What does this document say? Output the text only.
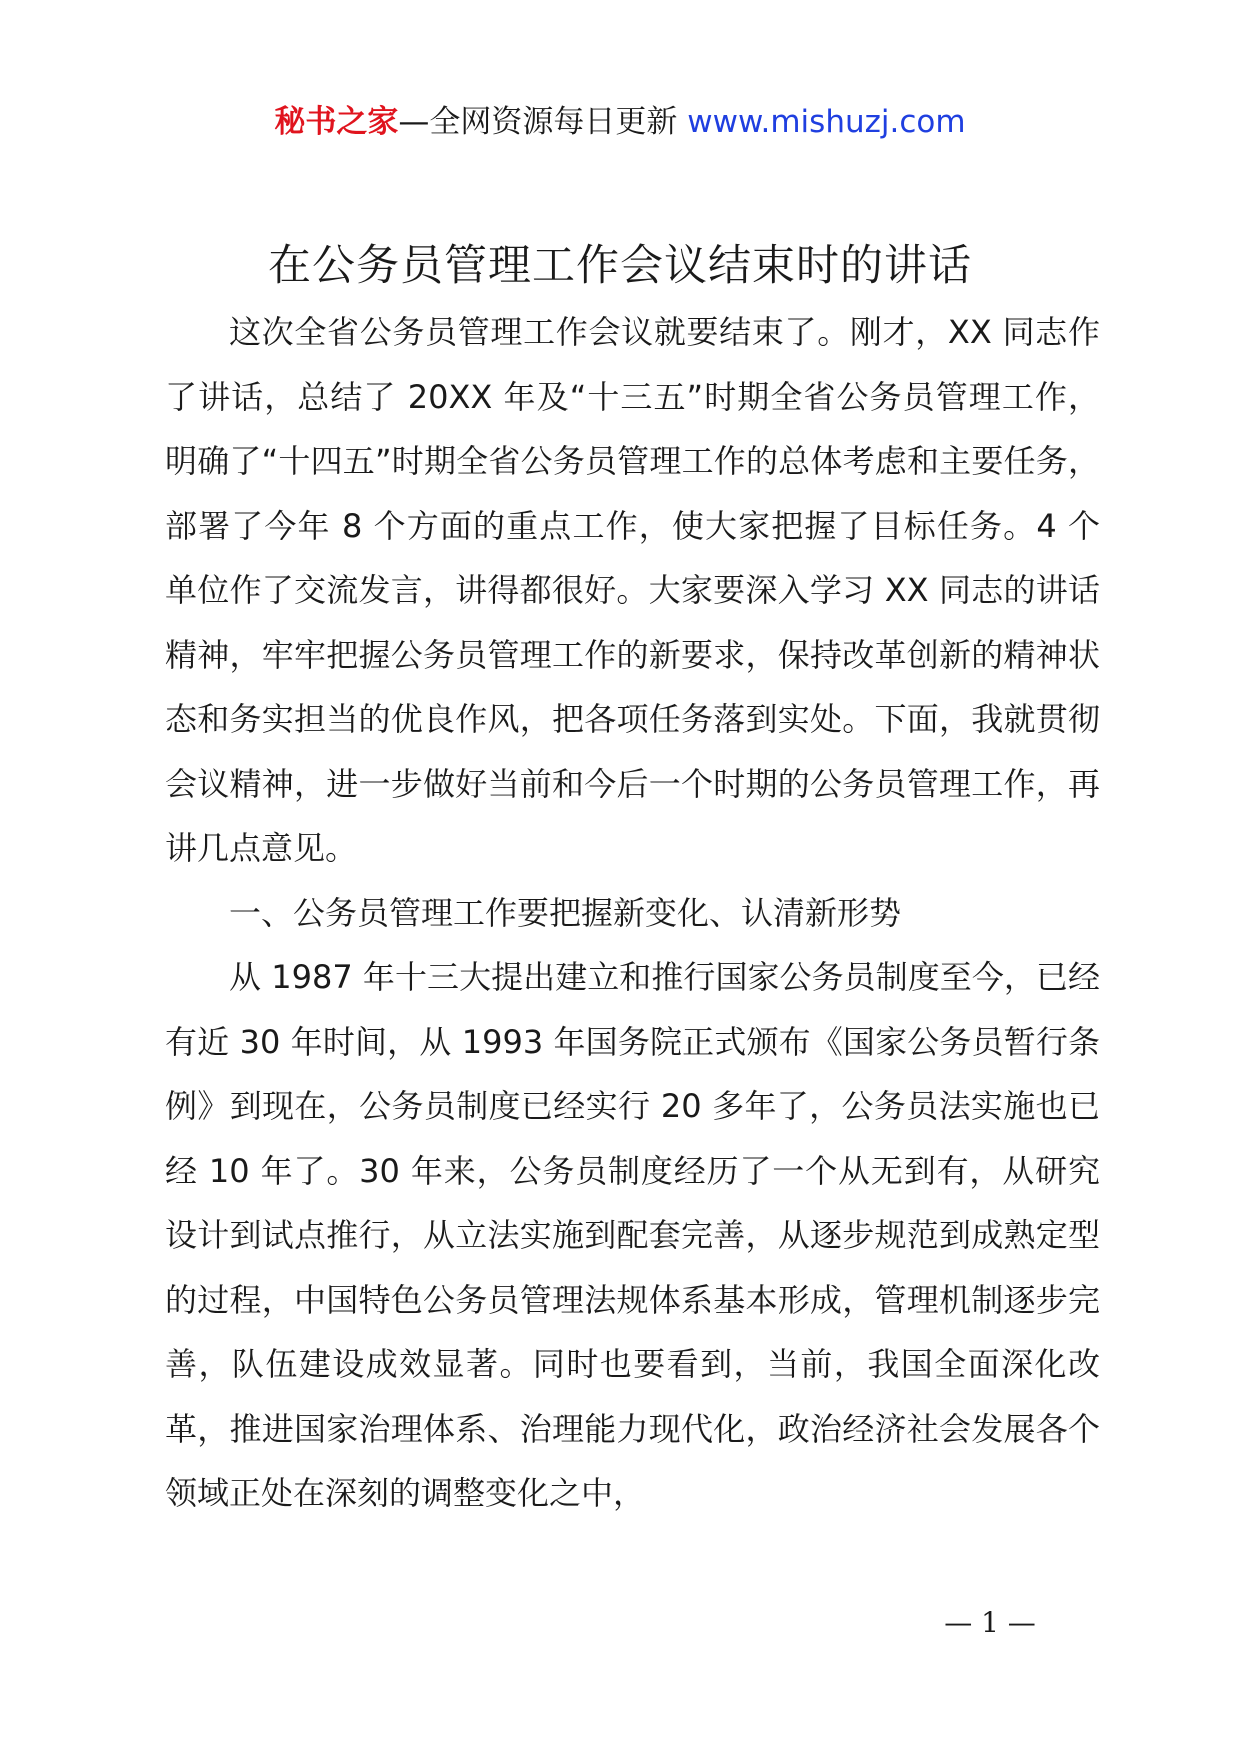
秘书之家—全网资源每日更新 www.mishuzj.com
在公务员管理工作会议结束时的讲话

这次全省公务员管理工作会议就要结束了。刚才，XX 同志作了讲话，总结了 20XX 年及“十三五”时期全省公务员管理工作，明确了“十四五”时期全省公务员管理工作的总体考虑和主要任务，部署了今年 8 个方面的重点工作，使大家把握了目标任务。4 个单位作了交流发言，讲得都很好。大家要深入学习 XX 同志的讲话精神，牢牢把握公务员管理工作的新要求，保持改革创新的精神状态和务实担当的优良作风，把各项任务落到实处。下面，我就贯彻会议精神，进一步做好当前和今后一个时期的公务员管理工作，再讲几点意见。

一、公务员管理工作要把握新变化、认清新形势

从 1987 年十三大提出建立和推行国家公务员制度至今，已经有近 30 年时间，从 1993 年国务院正式颁布《国家公务员暂行条例》到现在，公务员制度已经实行 20 多年了，公务员法实施也已经 10 年了。30 年来，公务员制度经历了一个从无到有，从研究设计到试点推行，从立法实施到配套完善，从逐步规范到成熟定型的过程，中国特色公务员管理法规体系基本形成，管理机制逐步完善，队伍建设成效显著。同时也要看到，当前，我国全面深化改革，推进国家治理体系、治理能力现代化，政治经济社会发展各个领域正处在深刻的调整变化之中，

— 1 —
